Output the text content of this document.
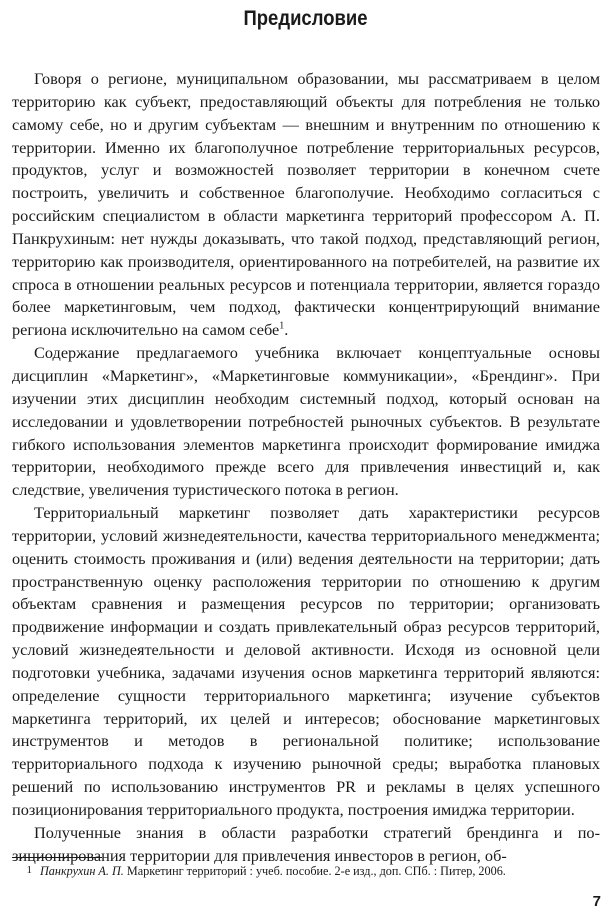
Предисловие

Говоря о регионе, муниципальном образовании, мы рассматриваем в целом территорию как субъект, предоставляющий объекты для потребления не только самому себе, но и другим субъектам — внешним и внутренним по отношению к территории. Именно их благополучное потребление территориальных ресурсов, продуктов, услуг и возможностей позволяет территории в конечном счете построить, увеличить и собственное благополучие. Необходимо согласиться с российским специалистом в области маркетинга территорий профессором А. П. Панкрухиным: нет нужды доказывать, что такой подход, представляющий регион, территорию как производителя, ориентированного на потребителей, на развитие их спроса в отношении реальных ресурсов и потенциала территории, является гораздо более маркетинговым, чем подход, фактически концентрирующий внимание региона исключительно на самом себе$^1$.

Содержание предлагаемого учебника включает концептуальные основы дисциплин «Маркетинг», «Маркетинговые коммуникации», «Брендинг». При изучении этих дисциплин необходим системный подход, который основан на исследовании и удовлетворении потребностей рыночных субъектов. В результате гибкого использования элементов маркетинга происходит формирование имиджа территории, необходимого прежде всего для привлечения инвестиций и, как следствие, увеличения туристического потока в регион.

Территориальный маркетинг позволяет дать характеристики ресурсов территории, условий жизнедеятельности, качества территориального менеджмента; оценить стоимость проживания и (или) ведения деятельности на территории; дать пространственную оценку расположения территории по отношению к другим объектам сравнения и размещения ресурсов по территории; организовать продвижение информации и создать привлекательный образ ресурсов территорий, условий жизнедеятельности и деловой активности. Исходя из основной цели подготовки учебника, задачами изучения основ маркетинга территорий являются: определение сущности территориального маркетинга; изучение субъектов маркетинга территорий, их целей и интересов; обоснование маркетинговых инструментов и методов в региональной политике; использование территориального подхода к изучению рыночной среды; выработка плановых решений по использованию инструментов PR и рекламы в целях успешного позиционирования территориального продукта, построения имиджа территории.

Полученные знания в области разработки стратегий брендинга и позиционирования территории для привлечения инвесторов в регион, об-

1 Панкрухин А. П. Маркетинг территорий : учеб. пособие. 2-е изд., доп. СПб. : Питер, 2006.
7
